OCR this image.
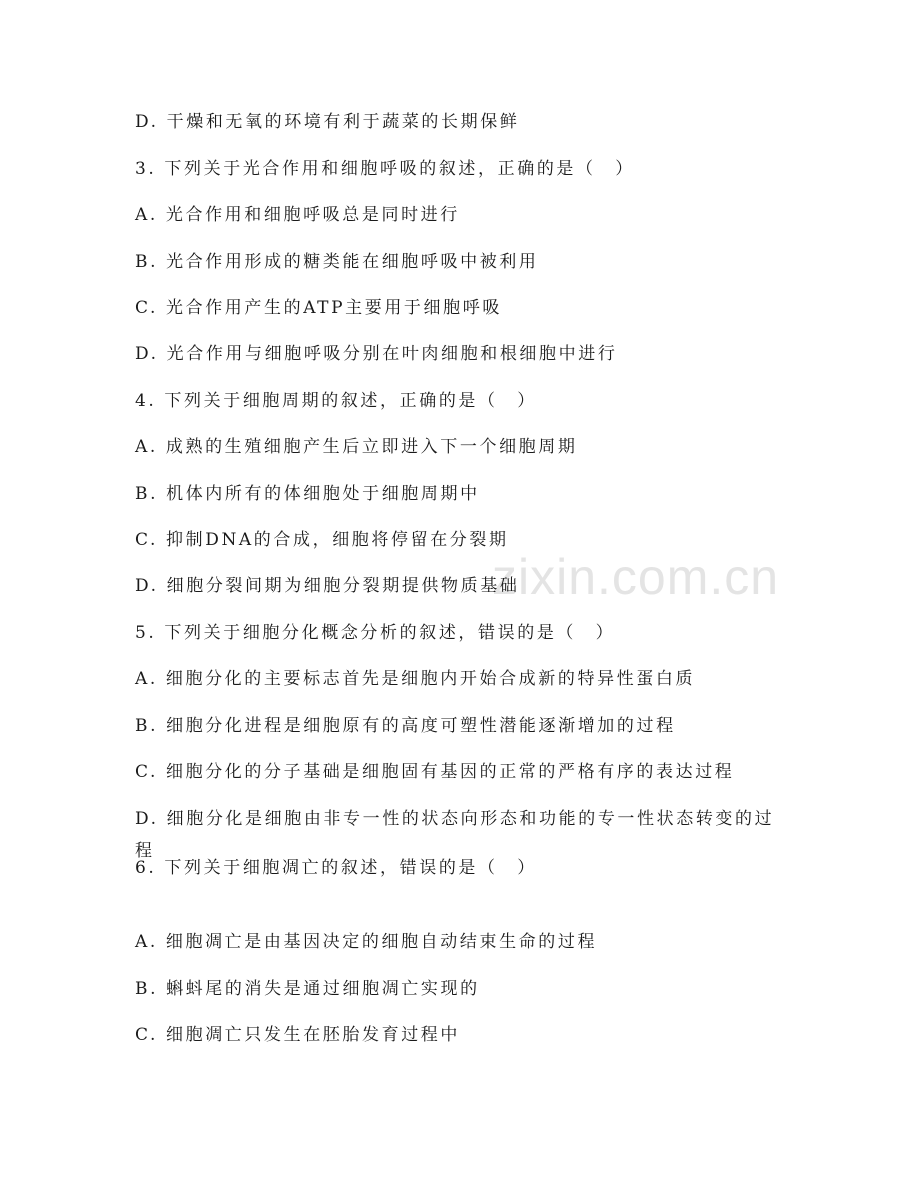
zixin.com.cn
D. 干燥和无氧的环境有利于蔬菜的长期保鲜
3. 下列关于光合作用和细胞呼吸的叙述，正确的是（　）
A. 光合作用和细胞呼吸总是同时进行
B. 光合作用形成的糖类能在细胞呼吸中被利用
C. 光合作用产生的ATP主要用于细胞呼吸
D. 光合作用与细胞呼吸分别在叶肉细胞和根细胞中进行
4. 下列关于细胞周期的叙述，正确的是（　）
A. 成熟的生殖细胞产生后立即进入下一个细胞周期
B. 机体内所有的体细胞处于细胞周期中
C. 抑制DNA的合成，细胞将停留在分裂期
D. 细胞分裂间期为细胞分裂期提供物质基础
5. 下列关于细胞分化概念分析的叙述，错误的是（　）
A. 细胞分化的主要标志首先是细胞内开始合成新的特异性蛋白质
B. 细胞分化进程是细胞原有的高度可塑性潜能逐渐增加的过程
C. 细胞分化的分子基础是细胞固有基因的正常的严格有序的表达过程
D. 细胞分化是细胞由非专一性的状态向形态和功能的专一性状态转变的过程
6. 下列关于细胞凋亡的叙述，错误的是（　）
A. 细胞凋亡是由基因决定的细胞自动结束生命的过程
B. 蝌蚪尾的消失是通过细胞凋亡实现的
C. 细胞凋亡只发生在胚胎发育过程中
